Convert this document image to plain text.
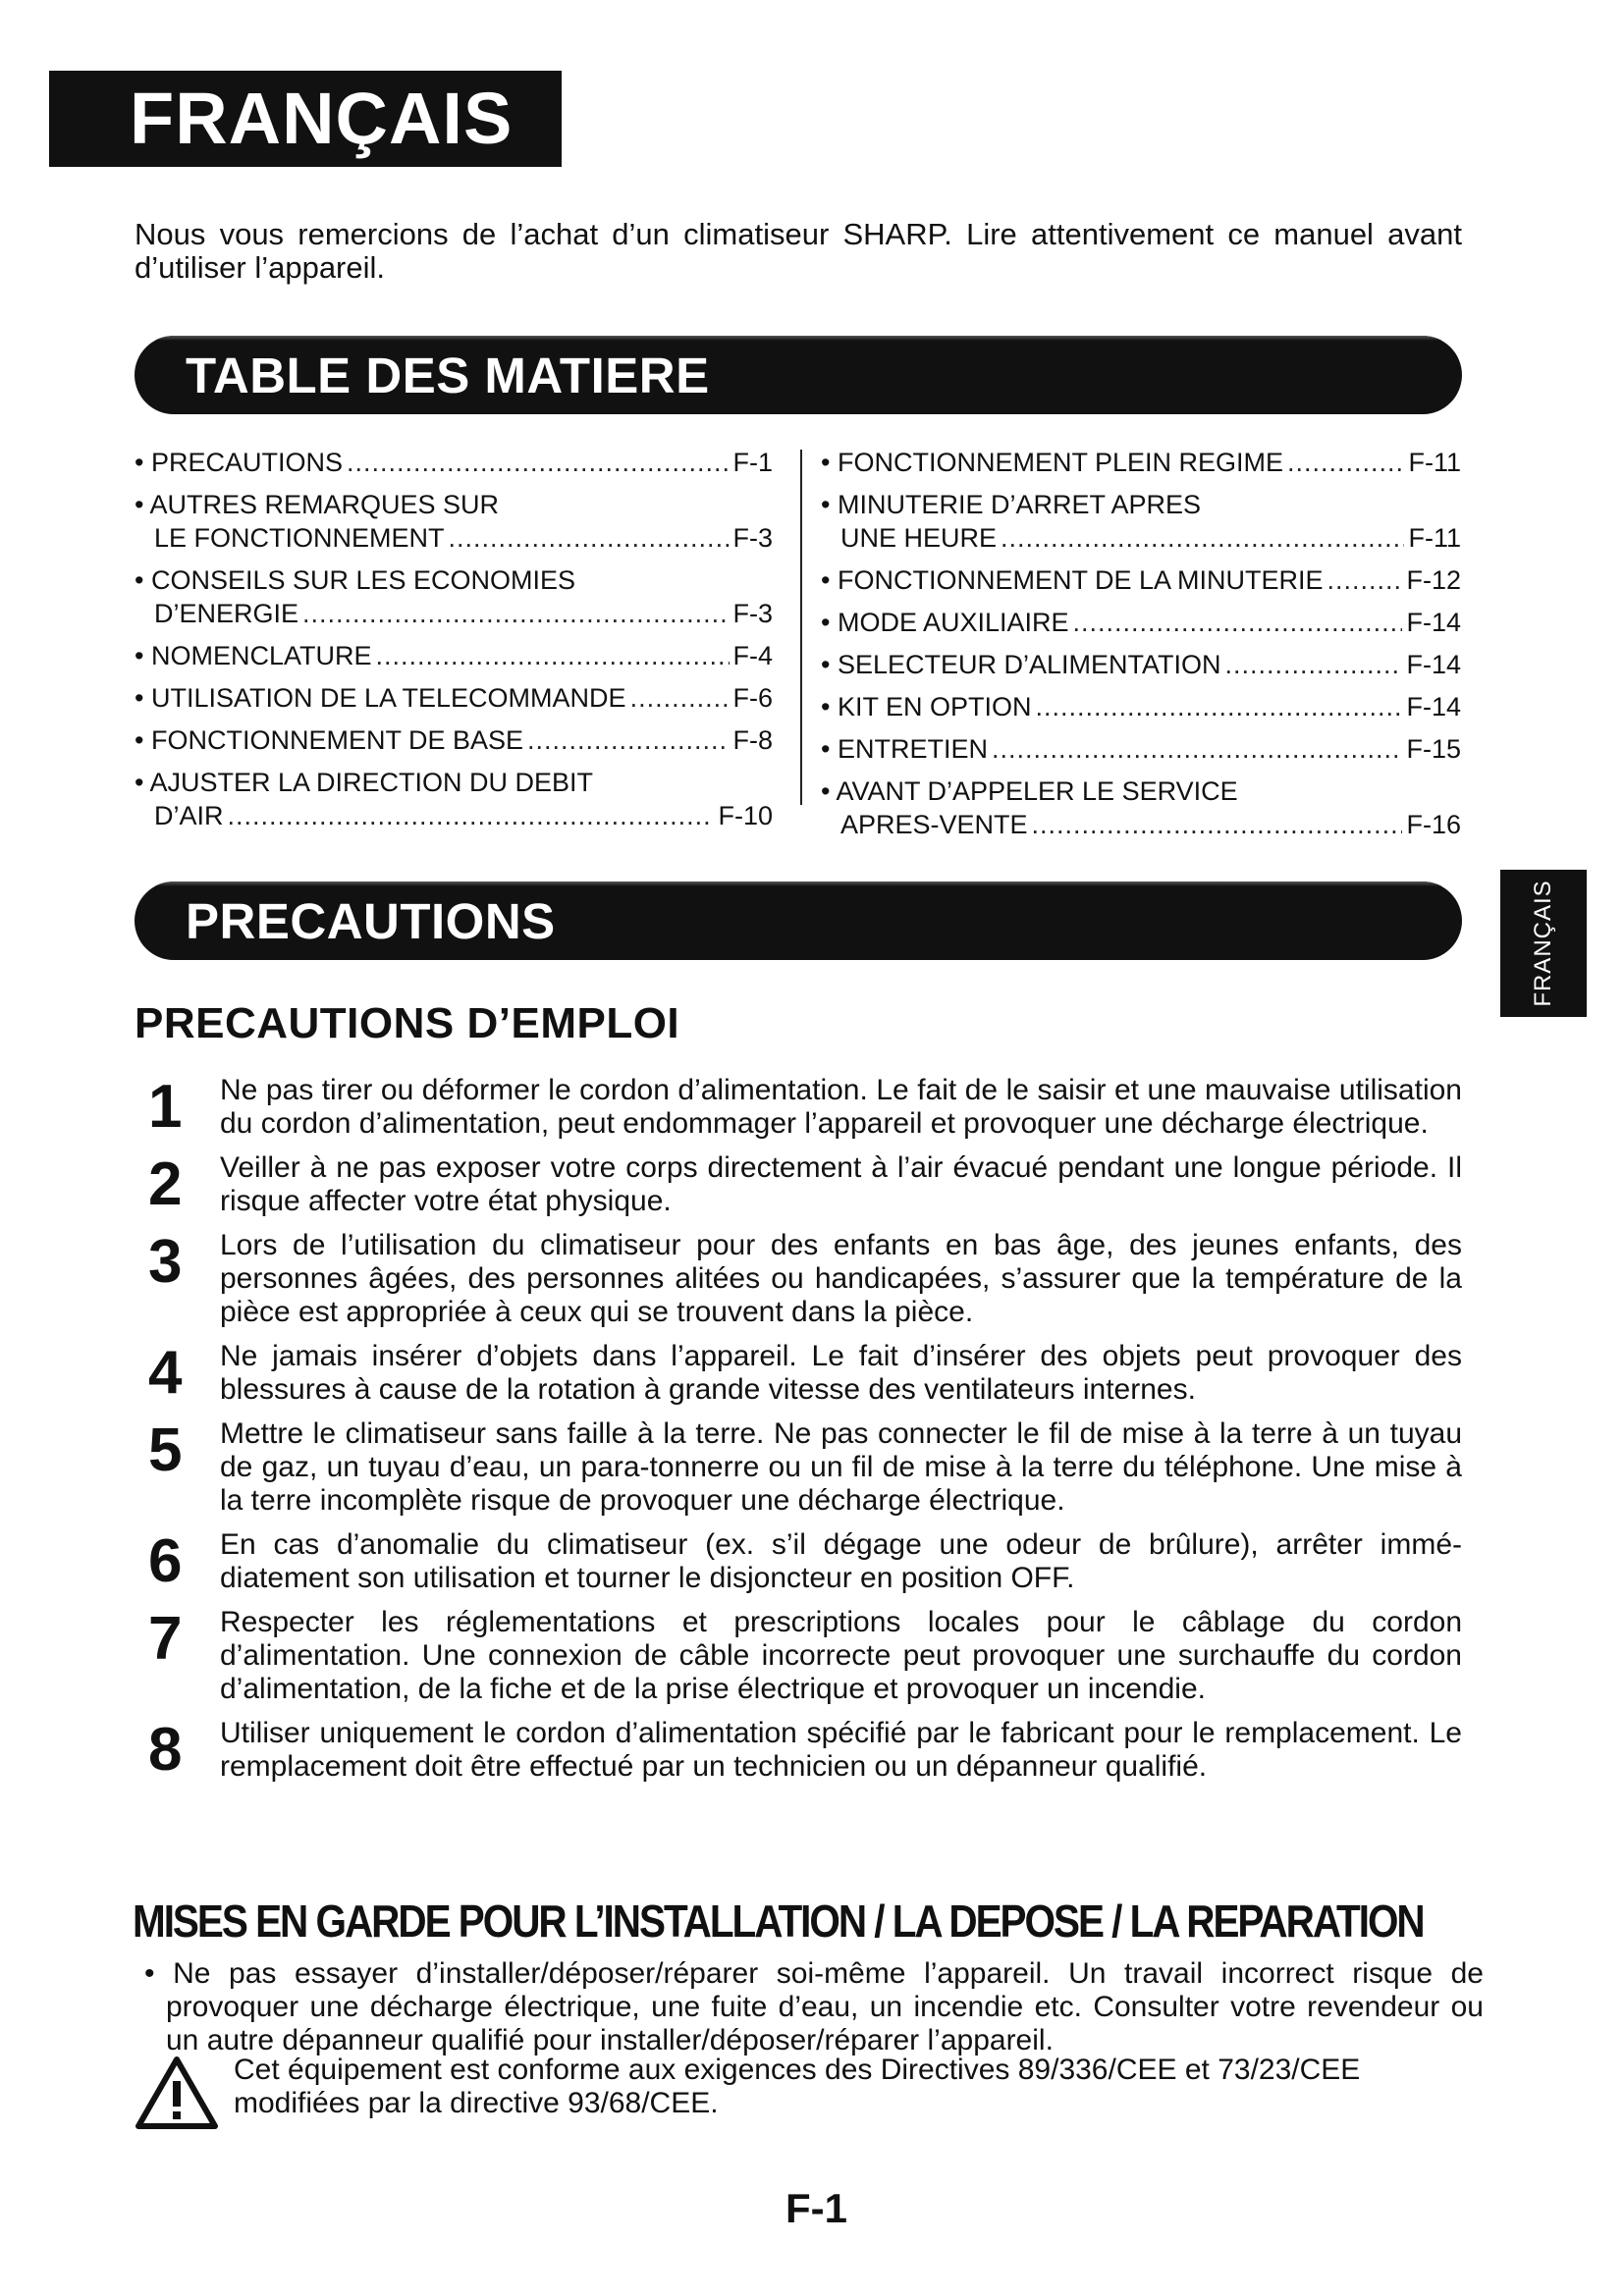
FRANÇAIS

Nous vous remercions de l’achat d’un climatiseur SHARP. Lire attentivement ce manuel avant d’utiliser l’appareil.

TABLE DES MATIERE
• PRECAUTIONS .....	F-1
• AUTRES REMARQUES SUR
LE FONCTIONNEMENT .....	F-3
• CONSEILS SUR LES ECONOMIES
D’ENERGIE .....	F-3
• NOMENCLATURE .....	F-4
• UTILISATION DE LA TELECOMMANDE .....	F-6
• FONCTIONNEMENT DE BASE .....	F-8
• AJUSTER LA DIRECTION DU DEBIT
D’AIR .....	F-10
• FONCTIONNEMENT PLEIN REGIME .....	F-11
• MINUTERIE D’ARRET APRES
UNE HEURE .....	F-11
• FONCTIONNEMENT DE LA MINUTERIE .....	F-12
• MODE AUXILIAIRE .....	F-14
• SELECTEUR D’ALIMENTATION .....	F-14
• KIT EN OPTION .....	F-14
• ENTRETIEN .....	F-15
• AVANT D’APPELER LE SERVICE
APRES-VENTE .....	F-16
FRANÇAIS
PRECAUTIONS
PRECAUTIONS D’EMPLOI
1 Ne pas tirer ou déformer le cordon d’alimentation. Le fait de le saisir et une mauvaise utilisation du cordon d’alimentation, peut endommager l’appareil et provoquer une décharge électrique.
2 Veiller à ne pas exposer votre corps directement à l’air évacué pendant une longue période. Il risque affecter votre état physique.
3 Lors de l’utilisation du climatiseur pour des enfants en bas âge, des jeunes enfants, des personnes âgées, des personnes alitées ou handicapées, s’assurer que la température de la pièce est appropriée à ceux qui se trouvent dans la pièce.
4 Ne jamais insérer d’objets dans l’appareil. Le fait d’insérer des objets peut provoquer des blessures à cause de la rotation à grande vitesse des ventilateurs internes.
5 Mettre le climatiseur sans faille à la terre. Ne pas connecter le fil de mise à la terre à un tuyau de gaz, un tuyau d’eau, un para-tonnerre ou un fil de mise à la terre du téléphone. Une mise à la terre incomplète risque de provoquer une décharge électrique.
6 En cas d’anomalie du climatiseur (ex. s’il dégage une odeur de brûlure), arrêter immé-diatement son utilisation et tourner le disjoncteur en position OFF.
7 Respecter les réglementations et prescriptions locales pour le câblage du cordon d’alimentation. Une connexion de câble incorrecte peut provoquer une surchauffe du cordon d’alimentation, de la fiche et de la prise électrique et provoquer un incendie.
8 Utiliser uniquement le cordon d’alimentation spécifié par le fabricant pour le remplacement. Le remplacement doit être effectué par un technicien ou un dépanneur qualifié.
MISES EN GARDE POUR L’INSTALLATION / LA DEPOSE / LA REPARATION

• Ne pas essayer d’installer/déposer/réparer soi-même l’appareil. Un travail incorrect risque de provoquer une décharge électrique, une fuite d’eau, un incendie etc. Consulter votre revendeur ou un autre dépanneur qualifié pour installer/déposer/réparer l’appareil.

Cet équipement est conforme aux exigences des Directives 89/336/CEE et 73/23/CEE modifiées par la directive 93/68/CEE.

F-1
